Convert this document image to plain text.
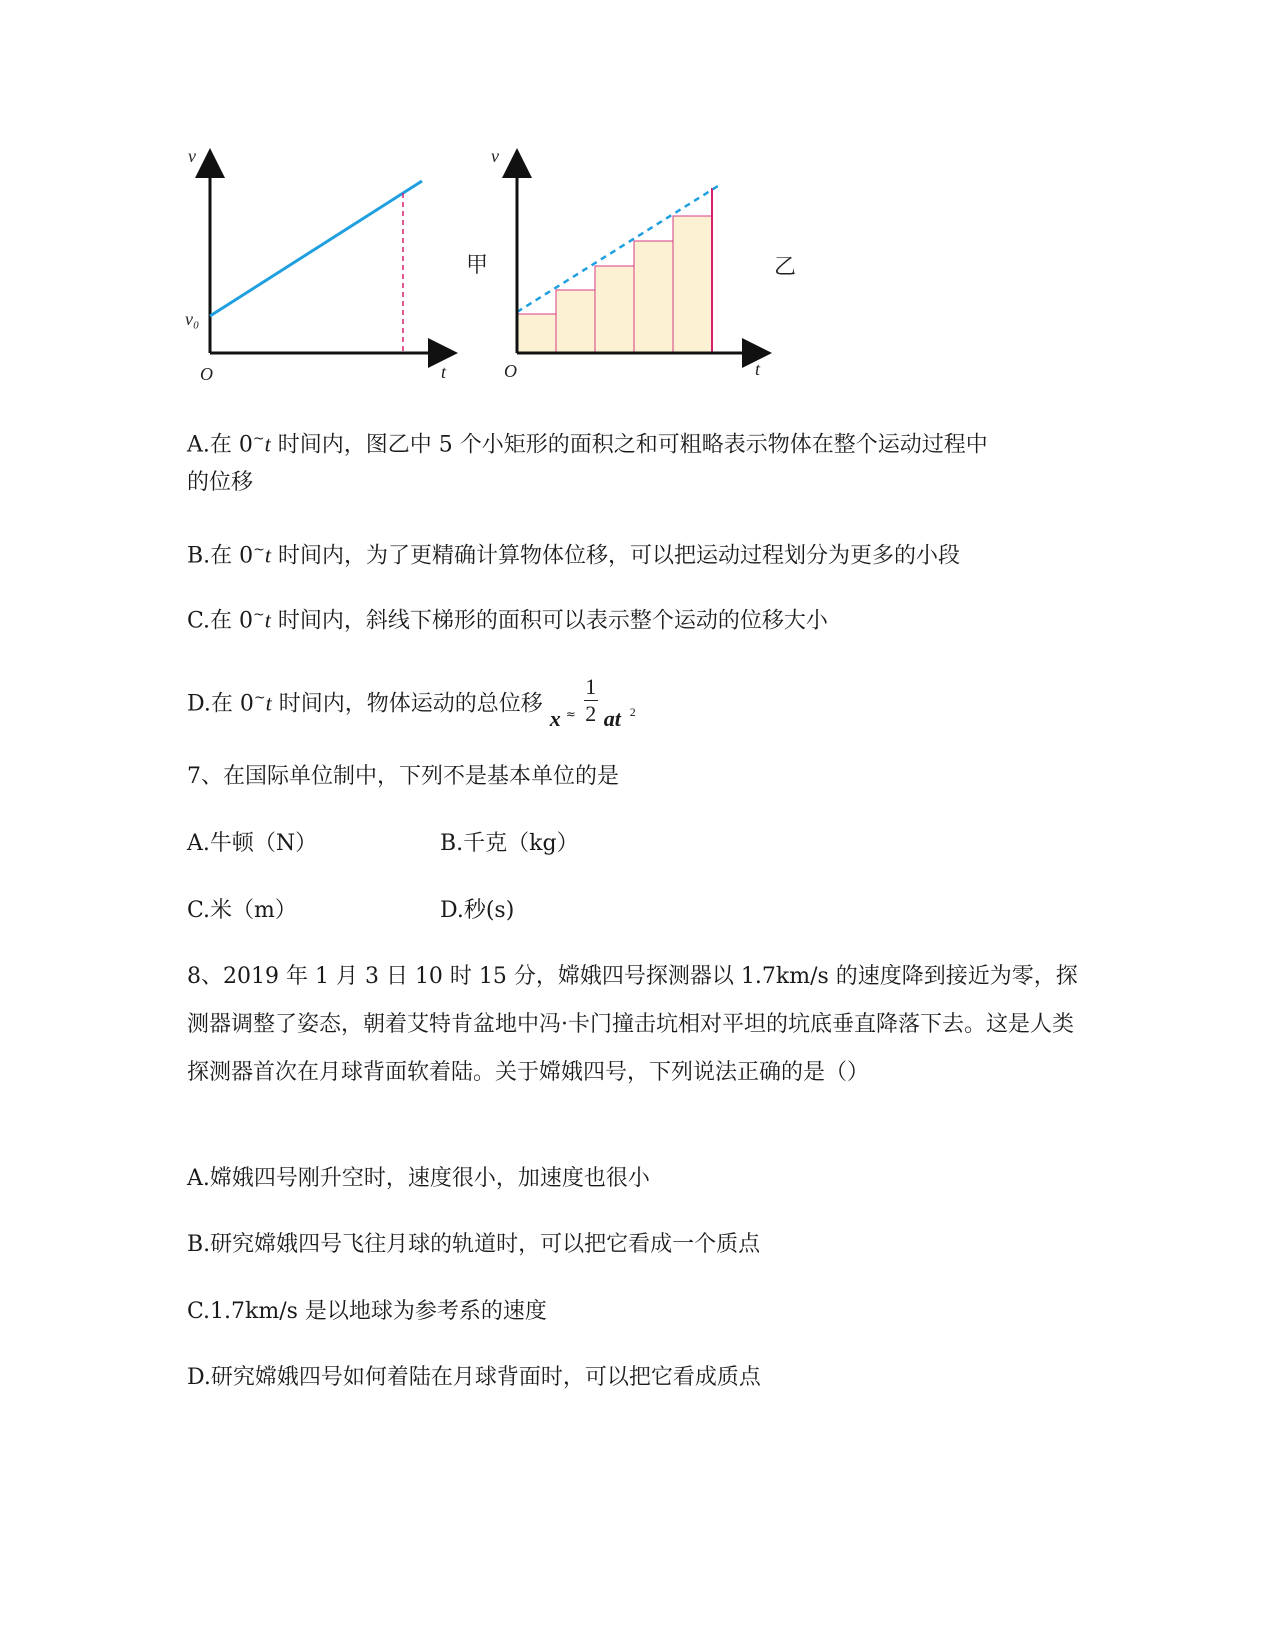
v
v₀
O	t
甲
v
O	t
乙
A.在 0~t 时间内，图乙中 5 个小矩形的面积之和可粗略表示物体在整个运动过程中
的位移
B.在 0~t 时间内，为了更精确计算物体位移，可以把运动过程划分为更多的小段
C.在 0~t 时间内，斜线下梯形的面积可以表示整个运动的位移大小
D.在 0~t 时间内，物体运动的总位移
x ≈
1
2 at 2
7、在国际单位制中，下列不是基本单位的是
A.牛顿（N）	B.千克（kg）
C.米（m）	D.秒(s)
8、2019 年 1 月 3 日 10 时 15 分，嫦娥四号探测器以 1.7km/s 的速度降到接近为零，探测器调整了姿态，朝着艾特肯盆地中冯·卡门撞击坑相对平坦的坑底垂直降落下去。这是人类探测器首次在月球背面软着陆。关于嫦娥四号，下列说法正确的是（）
A.嫦娥四号刚升空时，速度很小，加速度也很小
B.研究嫦娥四号飞往月球的轨道时，可以把它看成一个质点
C.1.7km/s 是以地球为参考系的速度
D.研究嫦娥四号如何着陆在月球背面时，可以把它看成质点
